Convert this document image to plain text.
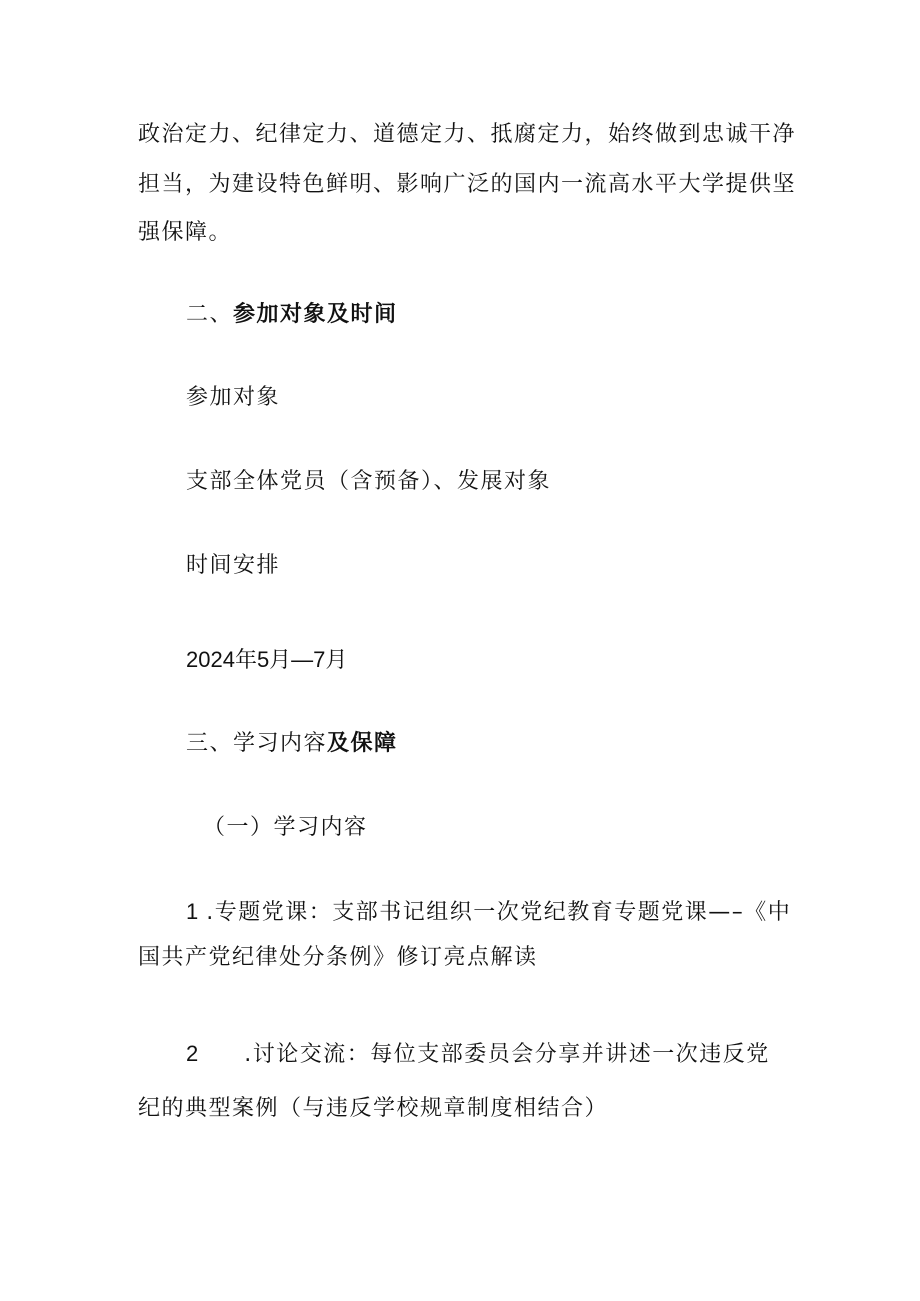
政治定力、纪律定力、道德定力、抵腐定力，始终做到忠诚干净
担当，为建设特色鲜明、影响广泛的国内一流高水平大学提供坚
强保障。
二、参加对象及时间
参加对象
支部全体党员（含预备）、发展对象
时间安排
2024年5月—7月
三、学习内容及保障
（一）学习内容
1 .专题党课：支部书记组织一次党纪教育专题党课—–《中
国共产党纪律处分条例》修订亮点解读
2 .讨论交流：每位支部委员会分享并讲述一次违反党
纪的典型案例（与违反学校规章制度相结合）
